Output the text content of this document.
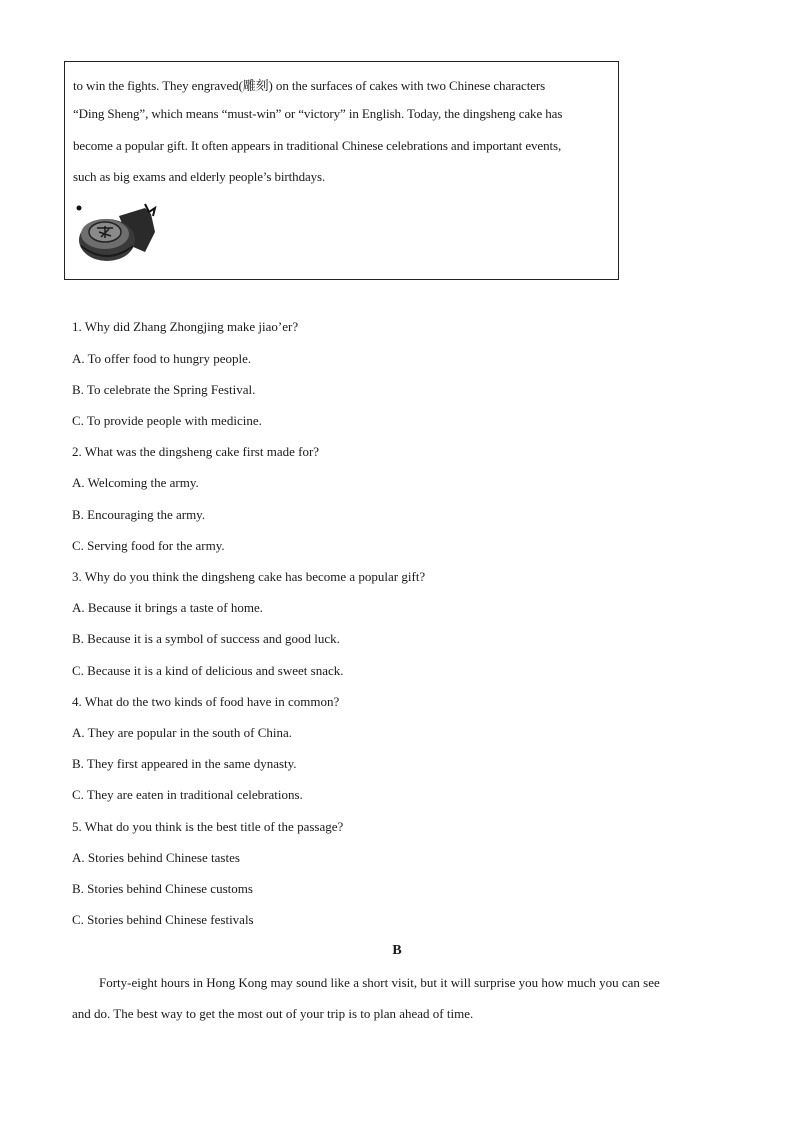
to win the fights. They engraved(雕刻) on the surfaces of cakes with two Chinese characters
“Ding Sheng”, which means “must-win” or “victory” in English. Today, the dingsheng cake has
become a popular gift. It often appears in traditional Chinese celebrations and important events,
such as big exams and elderly people’s birthdays.
1. Why did Zhang Zhongjing make jiao’er?
A. To offer food to hungry people.
B. To celebrate the Spring Festival.
C. To provide people with medicine.
2. What was the dingsheng cake first made for?
A. Welcoming the army.
B. Encouraging the army.
C. Serving food for the army.
3. Why do you think the dingsheng cake has become a popular gift?
A. Because it brings a taste of home.
B. Because it is a symbol of success and good luck.
C. Because it is a kind of delicious and sweet snack.
4. What do the two kinds of food have in common?
A. They are popular in the south of China.
B. They first appeared in the same dynasty.
C. They are eaten in traditional celebrations.
5. What do you think is the best title of the passage?
A. Stories behind Chinese tastes
B. Stories behind Chinese customs
C. Stories behind Chinese festivals
B
Forty-eight hours in Hong Kong may sound like a short visit, but it will surprise you how much you can see
and do. The best way to get the most out of your trip is to plan ahead of time.
